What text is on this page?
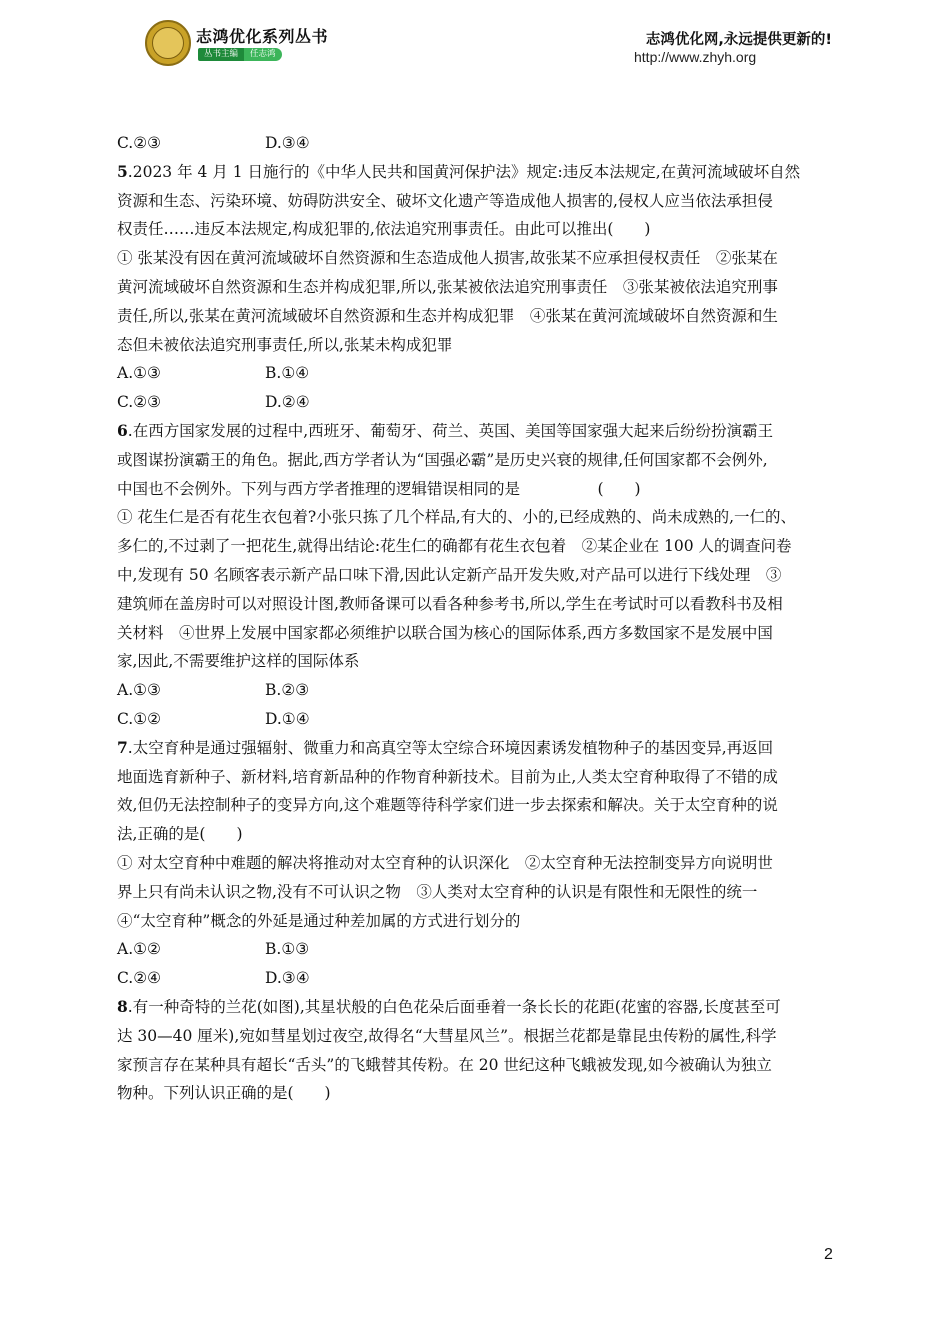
志鸿优化系列丛书
丛书主编	任志鸿
志鸿优化网,永远提供更新的!
http://www.zhyh.org
C.②③	D.③④
5.2023 年 4 月 1 日施行的《中华人民共和国黄河保护法》规定:违反本法规定,在黄河流域破坏自然
资源和生态、污染环境、妨碍防洪安全、破坏文化遗产等造成他人损害的,侵权人应当依法承担侵
权责任……违反本法规定,构成犯罪的,依法追究刑事责任。由此可以推出(　　)
① 张某没有因在黄河流域破坏自然资源和生态造成他人损害,故张某不应承担侵权责任　②张某在
黄河流域破坏自然资源和生态并构成犯罪,所以,张某被依法追究刑事责任　③张某被依法追究刑事
责任,所以,张某在黄河流域破坏自然资源和生态并构成犯罪　④张某在黄河流域破坏自然资源和生
态但未被依法追究刑事责任,所以,张某未构成犯罪
A.①③	B.①④
C.②③	D.②④
6.在西方国家发展的过程中,西班牙、葡萄牙、荷兰、英国、美国等国家强大起来后纷纷扮演霸王
或图谋扮演霸王的角色。据此,西方学者认为“国强必霸”是历史兴衰的规律,任何国家都不会例外,
中国也不会例外。下列与西方学者推理的逻辑错误相同的是　　　　　(　　)
① 花生仁是否有花生衣包着?小张只拣了几个样品,有大的、小的,已经成熟的、尚未成熟的,一仁的、
多仁的,不过剥了一把花生,就得出结论:花生仁的确都有花生衣包着　②某企业在 100 人的调查问卷
中,发现有 50 名顾客表示新产品口味下滑,因此认定新产品开发失败,对产品可以进行下线处理　③
建筑师在盖房时可以对照设计图,教师备课可以看各种参考书,所以,学生在考试时可以看教科书及相
关材料　④世界上发展中国家都必须维护以联合国为核心的国际体系,西方多数国家不是发展中国
家,因此,不需要维护这样的国际体系
A.①③	B.②③
C.①②	D.①④
7.太空育种是通过强辐射、微重力和高真空等太空综合环境因素诱发植物种子的基因变异,再返回
地面选育新种子、新材料,培育新品种的作物育种新技术。目前为止,人类太空育种取得了不错的成
效,但仍无法控制种子的变异方向,这个难题等待科学家们进一步去探索和解决。关于太空育种的说
法,正确的是(　　)
① 对太空育种中难题的解决将推动对太空育种的认识深化　②太空育种无法控制变异方向说明世
界上只有尚未认识之物,没有不可认识之物　③人类对太空育种的认识是有限性和无限性的统一
④“太空育种”概念的外延是通过种差加属的方式进行划分的
A.①②	B.①③
C.②④	D.③④
8.有一种奇特的兰花(如图),其星状般的白色花朵后面垂着一条长长的花距(花蜜的容器,长度甚至可
达 30—40 厘米),宛如彗星划过夜空,故得名“大彗星风兰”。根据兰花都是靠昆虫传粉的属性,科学
家预言存在某种具有超长“舌头”的飞蛾替其传粉。在 20 世纪这种飞蛾被发现,如今被确认为独立
物种。下列认识正确的是(　　)
2
